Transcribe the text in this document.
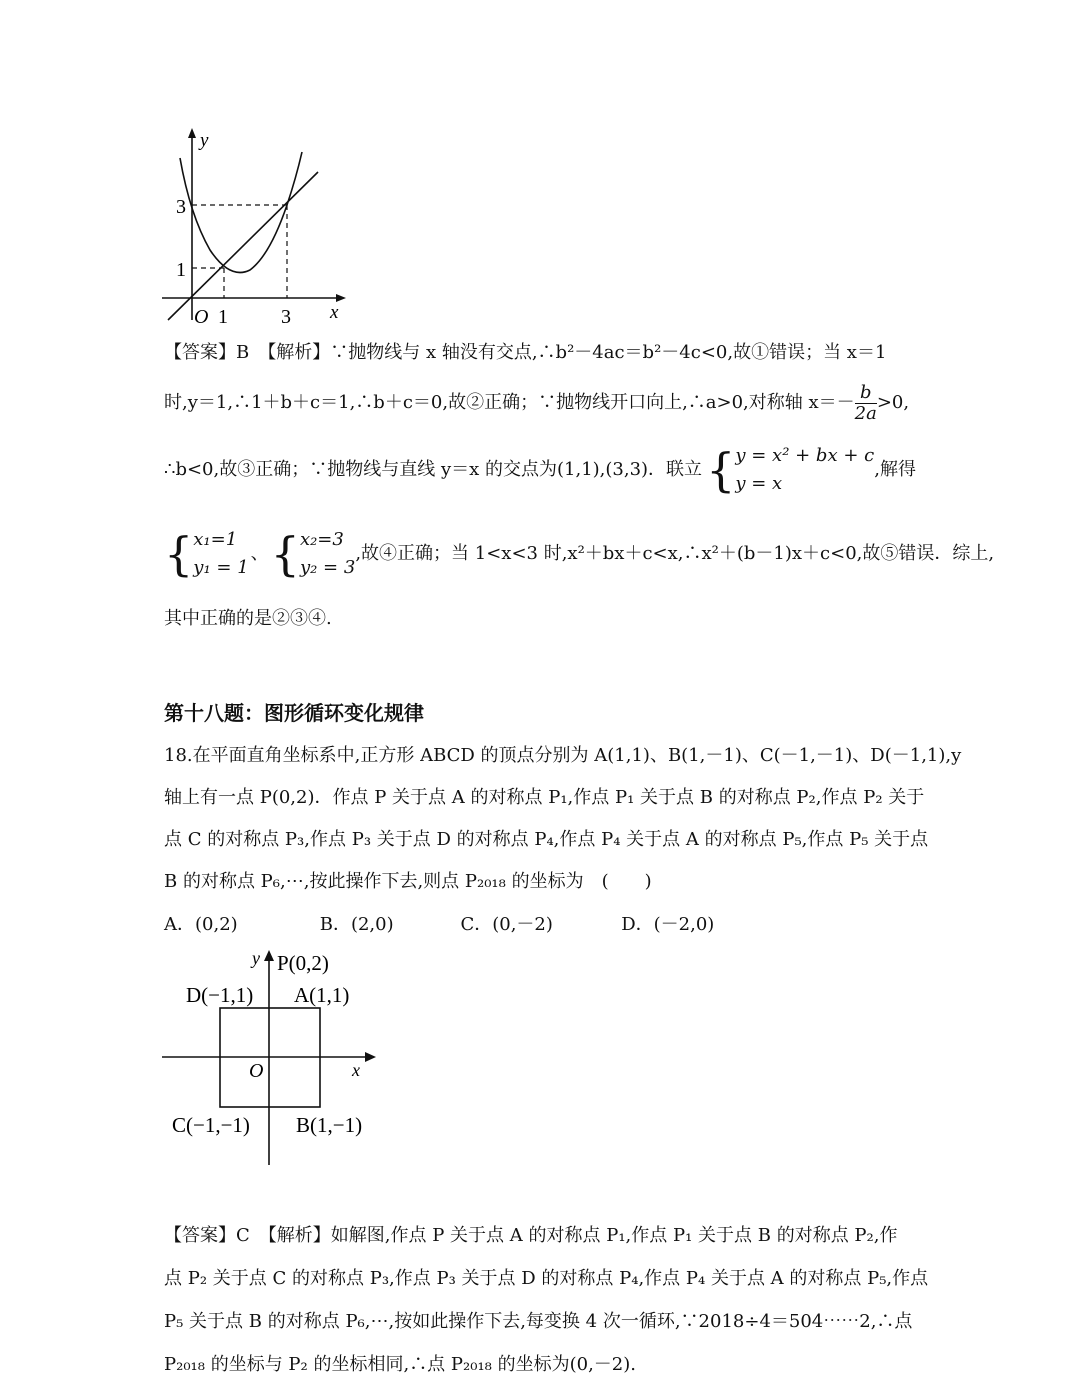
y
x
O
3
1
1	3
【答案】B　【解析】∵抛物线与 x 轴没有交点,∴b²－4ac＝b²－4c<0,故①错误；当 x＝1
时,y＝1,∴1＋b＋c＝1,∴b＋c＝0,故②正确；∵抛物线开口向上,∴a>0,对称轴 $x=- \frac{b}{2a} >0$,
∴b<0,故③正确；∵抛物线与直线 y＝x 的交点为(1,1),(3,3)．联立 { y = x² + bx + c
y = x
,解得
{ x₁=1
y₁ = 1
、 { x₂=3
y₂ = 3
,故④正确；当 1<x<3 时,x²＋bx＋c<x,∴x²＋(b－1)x＋c<0,故⑤错误．综上,
其中正确的是②③④.
第十八题：图形循环变化规律
18.在平面直角坐标系中,正方形 ABCD 的顶点分别为 A(1,1)、B(1,－1)、C(－1,－1)、D(－1,1),y
轴上有一点 P(0,2)．作点 P 关于点 A 的对称点 P₁,作点 P₁ 关于点 B 的对称点 P₂,作点 P₂ 关于
点 C 的对称点 P₃,作点 P₃ 关于点 D 的对称点 P₄,作点 P₄ 关于点 A 的对称点 P₅,作点 P₅ 关于点
B 的对称点 P₆,⋯,按此操作下去,则点 P₂₀₁₈ 的坐标为　(　　)
A．(0,2)	B．(2,0)	C．(0,－2)	D．(－2,0)
y P(0,2)
D(−1,1) A(1,1)
O	x
C(−1,−1) B(1,−1)
【答案】C　【解析】如解图,作点 P 关于点 A 的对称点 P₁,作点 P₁ 关于点 B 的对称点 P₂,作
点 P₂ 关于点 C 的对称点 P₃,作点 P₃ 关于点 D 的对称点 P₄,作点 P₄ 关于点 A 的对称点 P₅,作点
P₅ 关于点 B 的对称点 P₆,⋯,按如此操作下去,每变换 4 次一循环,∵2018÷4＝504⋯⋯2,∴点
P₂₀₁₈ 的坐标与 P₂ 的坐标相同,∴点 P₂₀₁₈ 的坐标为(0,－2).
